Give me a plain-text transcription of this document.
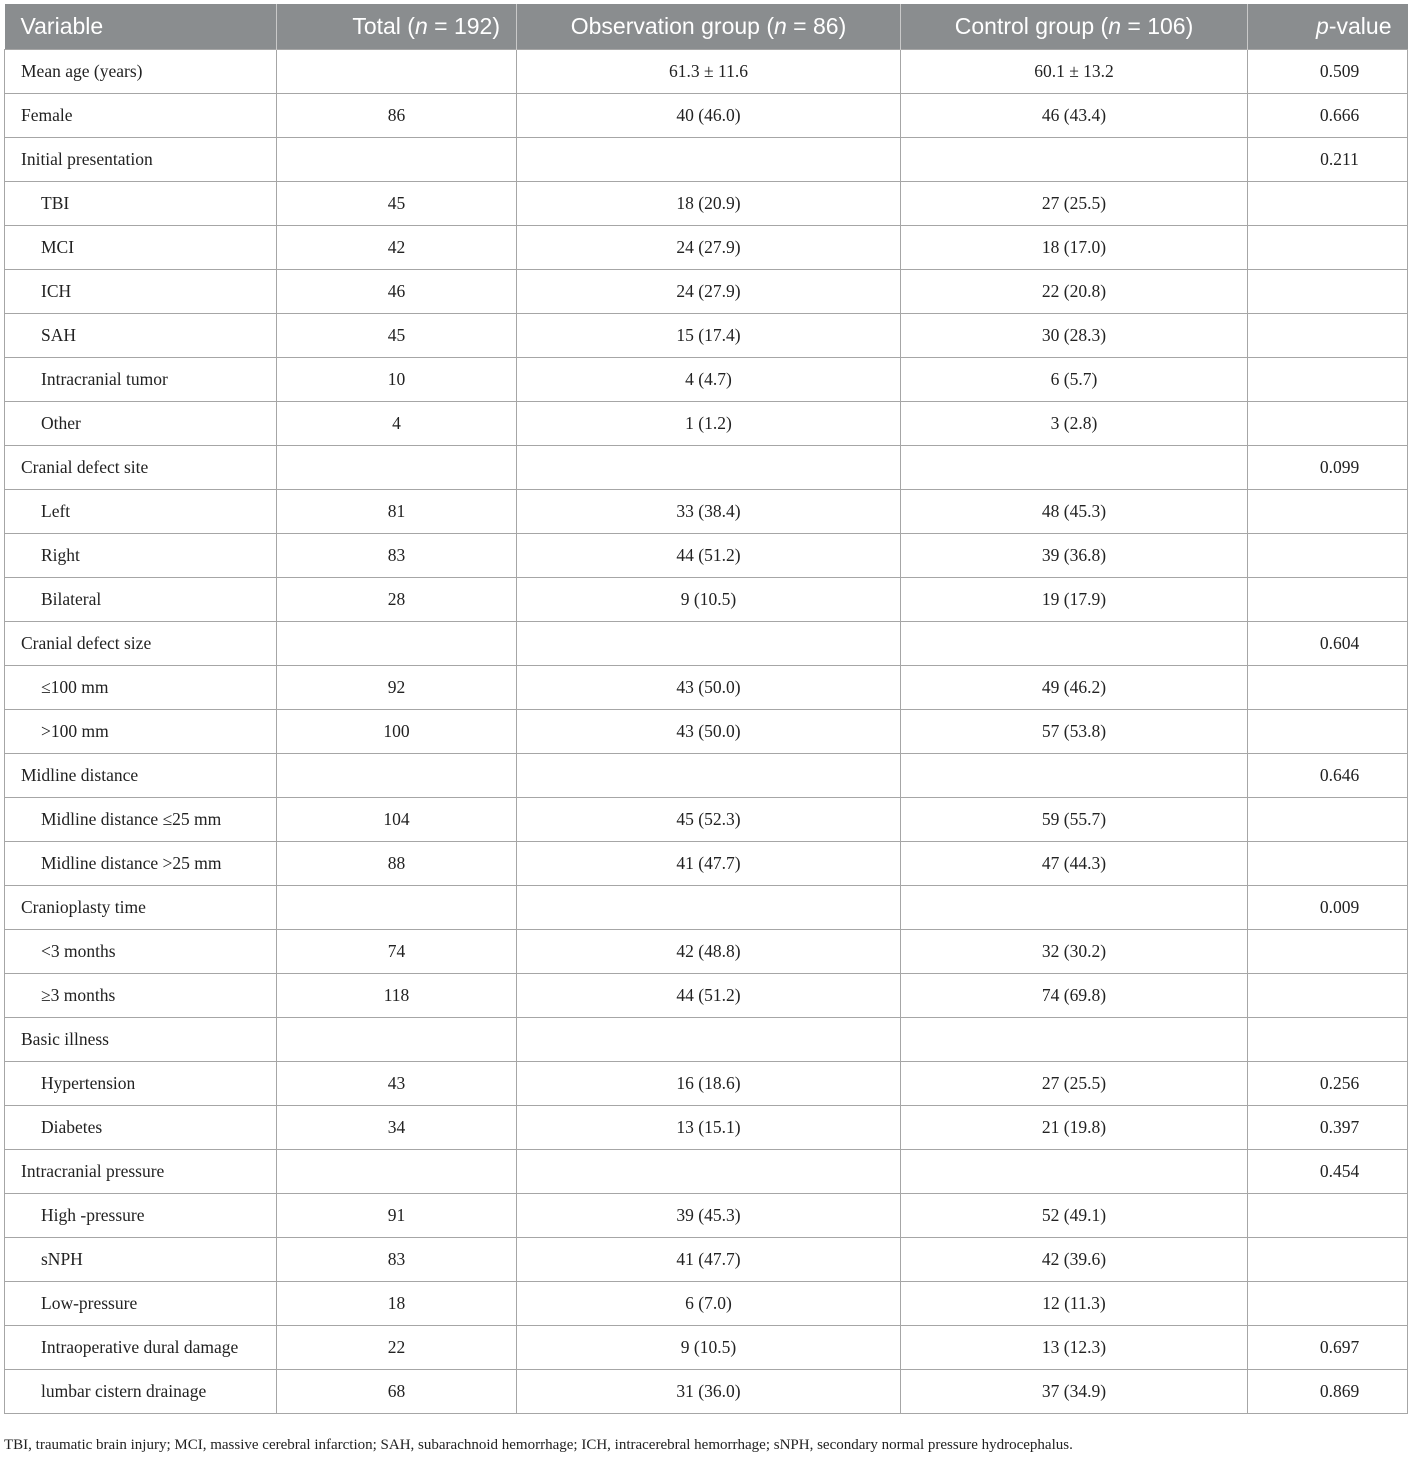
Variable	Total (n = 192)	Observation group (n = 86)	Control group (n = 106)	p-value
Mean age (years)		61.3 ± 11.6	60.1 ± 13.2	0.509
Female	86	40 (46.0)	46 (43.4)	0.666
Initial presentation				0.211
TBI	45	18 (20.9)	27 (25.5)	
MCI	42	24 (27.9)	18 (17.0)	
ICH	46	24 (27.9)	22 (20.8)	
SAH	45	15 (17.4)	30 (28.3)	
Intracranial tumor	10	4 (4.7)	6 (5.7)	
Other	4	1 (1.2)	3 (2.8)	
Cranial defect site				0.099
Left	81	33 (38.4)	48 (45.3)	
Right	83	44 (51.2)	39 (36.8)	
Bilateral	28	9 (10.5)	19 (17.9)	
Cranial defect size				0.604
≤100 mm	92	43 (50.0)	49 (46.2)	
>100 mm	100	43 (50.0)	57 (53.8)	
Midline distance				0.646
Midline distance ≤25 mm	104	45 (52.3)	59 (55.7)	
Midline distance >25 mm	88	41 (47.7)	47 (44.3)	
Cranioplasty time				0.009
<3 months	74	42 (48.8)	32 (30.2)	
≥3 months	118	44 (51.2)	74 (69.8)	
Basic illness				
Hypertension	43	16 (18.6)	27 (25.5)	0.256
Diabetes	34	13 (15.1)	21 (19.8)	0.397
Intracranial pressure				0.454
High -pressure	91	39 (45.3)	52 (49.1)	
sNPH	83	41 (47.7)	42 (39.6)	
Low-pressure	18	6 (7.0)	12 (11.3)	
Intraoperative dural damage	22	9 (10.5)	13 (12.3)	0.697
lumbar cistern drainage	68	31 (36.0)	37 (34.9)	0.869
TBI, traumatic brain injury; MCI, massive cerebral infarction; SAH, subarachnoid hemorrhage; ICH, intracerebral hemorrhage; sNPH, secondary normal pressure hydrocephalus.
